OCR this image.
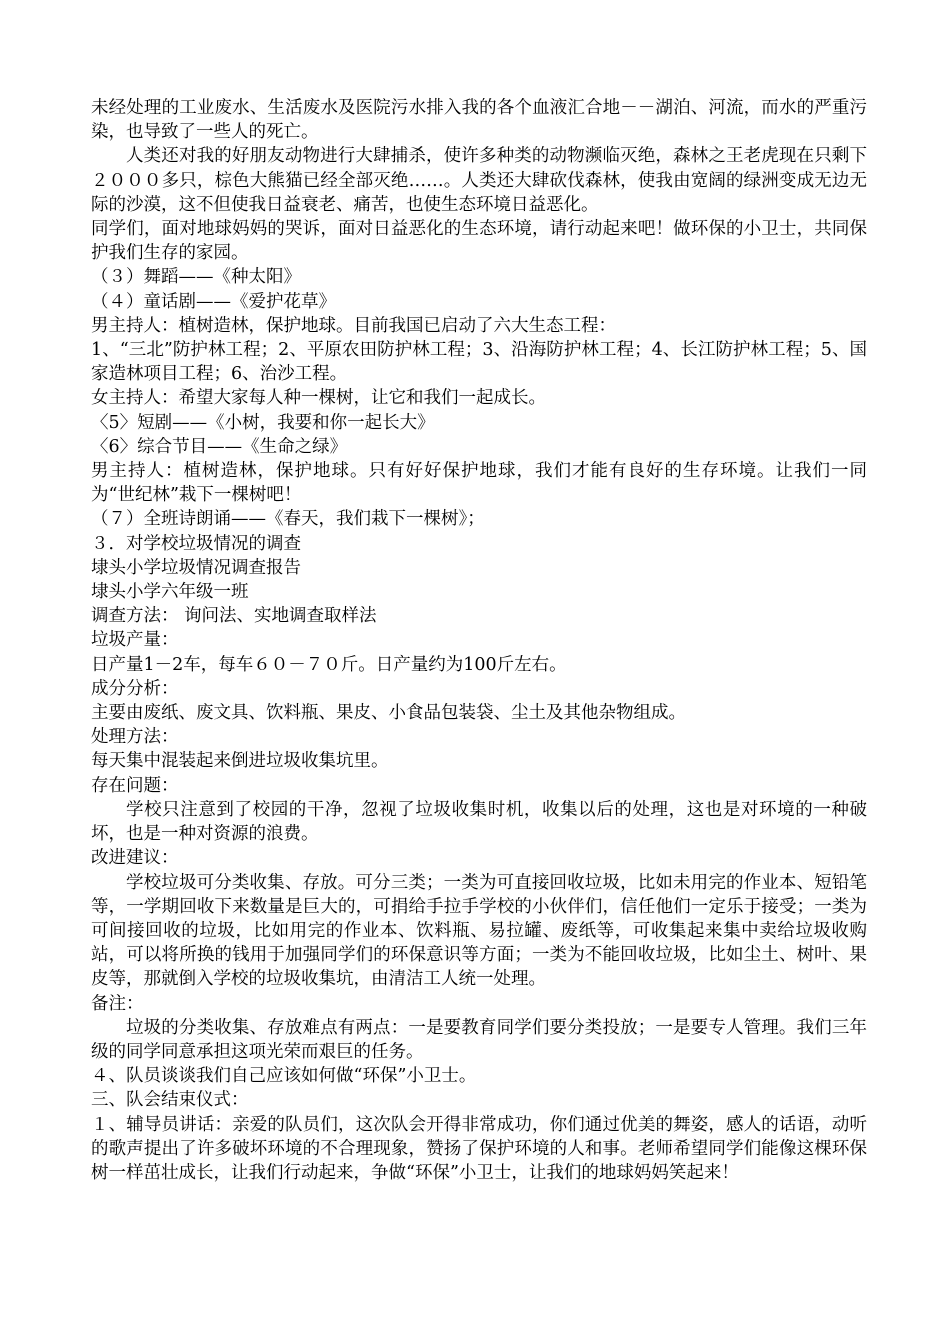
未经处理的工业废水、生活废水及医院污水排入我的各个血液汇合地－－湖泊、河流，而水的严重污染，也导致了一些人的死亡。

人类还对我的好朋友动物进行大肆捕杀，使许多种类的动物濒临灭绝，森林之王老虎现在只剩下２０００多只，棕色大熊猫已经全部灭绝……。人类还大肆砍伐森林，使我由宽阔的绿洲变成无边无际的沙漠，这不但使我日益衰老、痛苦，也使生态环境日益恶化。

同学们，面对地球妈妈的哭诉，面对日益恶化的生态环境，请行动起来吧！做环保的小卫士，共同保护我们生存的家园。

（３）舞蹈——《种太阳》

（４）童话剧——《爱护花草》

男主持人：植树造林，保护地球。目前我国已启动了六大生态工程：

1、“三北”防护林工程；2、平原农田防护林工程；3、沿海防护林工程；4、长江防护林工程；5、国家造林项目工程；6、治沙工程。

女主持人：希望大家每人种一棵树，让它和我们一起成长。

〈5〉短剧——《小树，我要和你一起长大》

〈6〉综合节目——《生命之绿》

男主持人：植树造林，保护地球。只有好好保护地球，我们才能有良好的生存环境。让我们一同为“世纪林”栽下一棵树吧！

（７）全班诗朗诵——《春天，我们栽下一棵树》；

３．对学校垃圾情况的调查

埭头小学垃圾情况调查报告

埭头小学六年级一班

调查方法： 询问法、实地调查取样法

垃圾产量：

日产量1－2车，每车６０－７０斤。日产量约为100斤左右。

成分分析：

主要由废纸、废文具、饮料瓶、果皮、小食品包装袋、尘土及其他杂物组成。

处理方法：

每天集中混装起来倒进垃圾收集坑里。

存在问题：

学校只注意到了校园的干净，忽视了垃圾收集时机，收集以后的处理，这也是对环境的一种破坏，也是一种对资源的浪费。

改进建议：

学校垃圾可分类收集、存放。可分三类；一类为可直接回收垃圾，比如未用完的作业本、短铅笔等，一学期回收下来数量是巨大的，可捐给手拉手学校的小伙伴们，信任他们一定乐于接受；一类为可间接回收的垃圾，比如用完的作业本、饮料瓶、易拉罐、废纸等，可收集起来集中卖给垃圾收购站，可以将所换的钱用于加强同学们的环保意识等方面；一类为不能回收垃圾，比如尘土、树叶、果皮等，那就倒入学校的垃圾收集坑，由清洁工人统一处理。

备注：

垃圾的分类收集、存放难点有两点：一是要教育同学们要分类投放；一是要专人管理。我们三年级的同学同意承担这项光荣而艰巨的任务。

４、队员谈谈我们自己应该如何做“环保”小卫士。

三、队会结束仪式：

１、辅导员讲话：亲爱的队员们，这次队会开得非常成功，你们通过优美的舞姿，感人的话语，动听的歌声提出了许多破坏环境的不合理现象，赞扬了保护环境的人和事。老师希望同学们能像这棵环保树一样茁壮成长，让我们行动起来，争做“环保”小卫士，让我们的地球妈妈笑起来！
